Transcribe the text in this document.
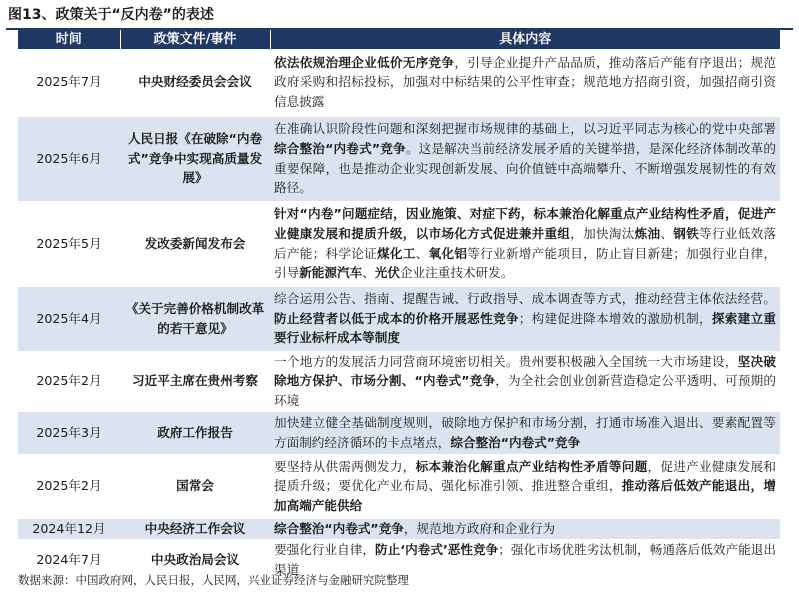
图13、政策关于“反内卷”的表述
时间	政策文件/事件	具体内容
2025年7月	中央财经委员会会议	依法依规治理企业低价无序竞争，引导企业提升产品品质，推动落后产能有序退出；规范政府采购和招标投标，加强对中标结果的公平性审查；规范地方招商引资，加强招商引资信息披露
2025年6月	人民日报《在破除“内卷式”竞争中实现高质量发展》	在准确认识阶段性问题和深刻把握市场规律的基础上，以习近平同志为核心的党中央部署综合整治“内卷式”竞争。这是解决当前经济发展矛盾的关键举措，是深化经济体制改革的重要保障，也是推动企业实现创新发展、向价值链中高端攀升、不断增强发展韧性的有效路径。
2025年5月	发改委新闻发布会	针对“内卷”问题症结，因业施策、对症下药，标本兼治化解重点产业结构性矛盾，促进产业健康发展和提质升级，以市场化方式促进兼并重组，加快淘汰炼油、钢铁等行业低效落后产能；科学论证煤化工、氧化铝等行业新增产能项目，防止盲目新建；加强行业自律，引导新能源汽车、光伏企业注重技术研发。
2025年4月	《关于完善价格机制改革的若干意见》	综合运用公告、指南、提醒告诫、行政指导、成本调查等方式，推动经营主体依法经营。防止经营者以低于成本的价格开展恶性竞争；构建促进降本增效的激励机制，探索建立重要行业标杆成本等制度
2025年2月	习近平主席在贵州考察	一个地方的发展活力同营商环境密切相关。贵州要积极融入全国统一大市场建设，坚决破除地方保护、市场分割、“内卷式”竞争，为全社会创业创新营造稳定公平透明、可预期的环境
2025年3月	政府工作报告	加快建立健全基础制度规则，破除地方保护和市场分割，打通市场准入退出、要素配置等方面制约经济循环的卡点堵点，综合整治“内卷式”竞争
2025年2月	国常会	要坚持从供需两侧发力，标本兼治化解重点产业结构性矛盾等问题，促进产业健康发展和提质升级；要优化产业布局、强化标准引领、推进整合重组，推动落后低效产能退出，增加高端产能供给
2024年12月	中央经济工作会议	综合整治“内卷式”竞争，规范地方政府和企业行为
2024年7月	中央政治局会议	要强化行业自律，防止‘内卷式’恶性竞争；强化市场优胜劣汰机制，畅通落后低效产能退出渠道
数据来源：中国政府网，人民日报，人民网，兴业证券经济与金融研究院整理
